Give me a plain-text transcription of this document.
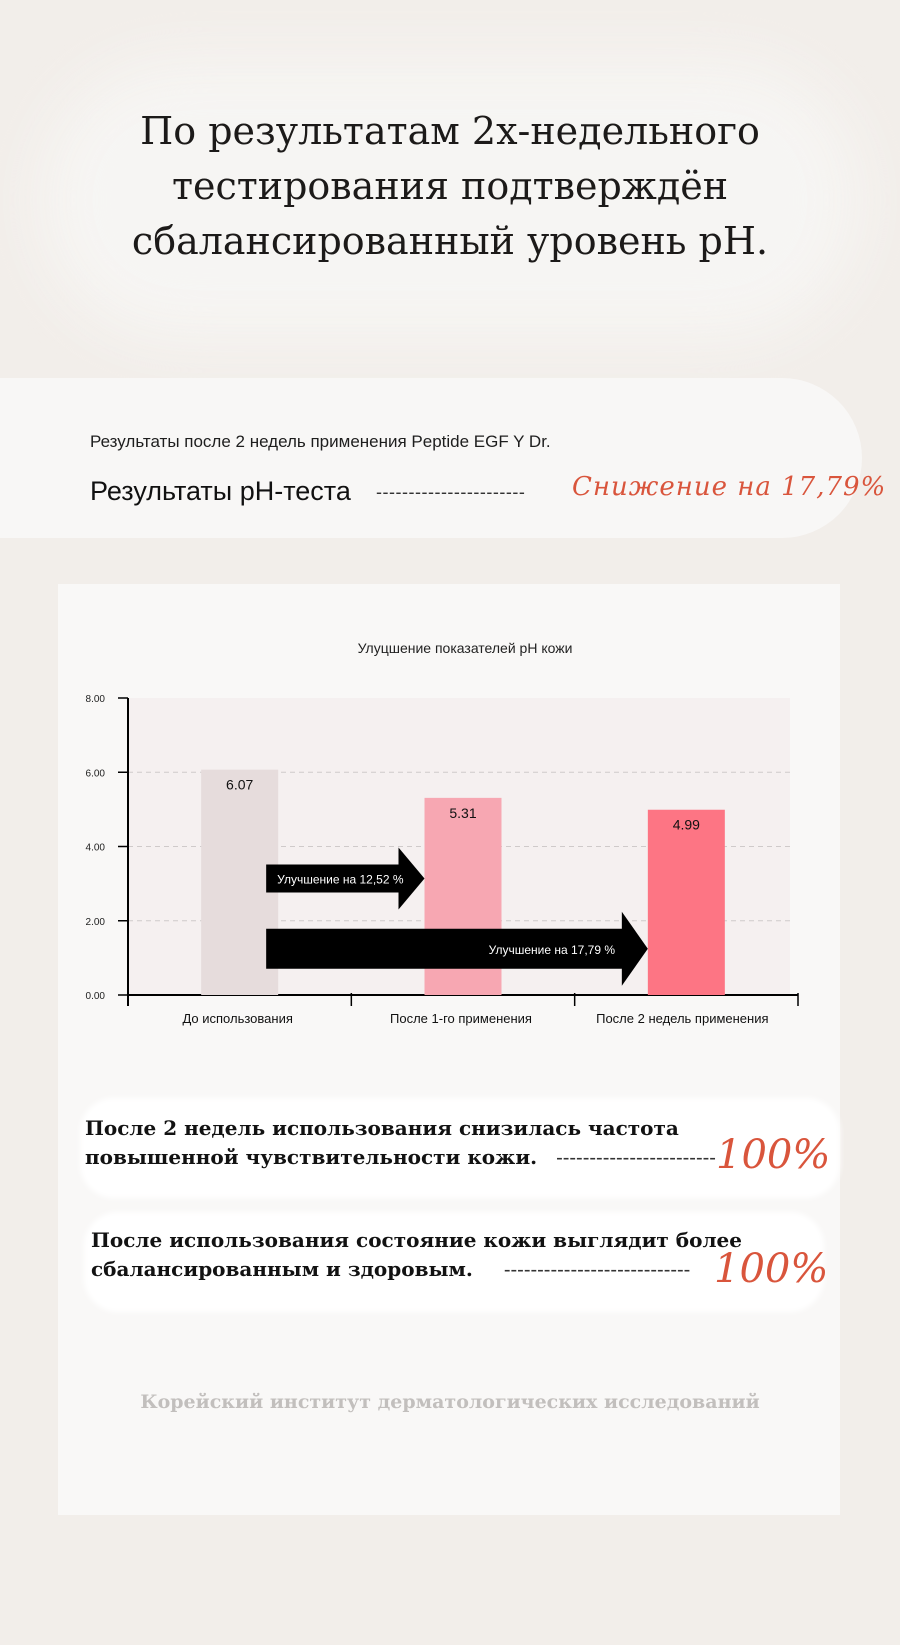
По результатам 2х-недельного
тестирования подтверждён
сбалансированный уровень pH.
Результаты после 2 недель применения Peptide EGF Y Dr.
Результаты pH-теста ----------------------- Снижение на 17,79%
Улуцшение показателей pH кожи
0.00
2.00
4.00
6.00
8.00
6.07
5.31
4.99
До использования	После 1-го применения	После 2 недель применения
Улучшение на 12,52 %
Улучшение на 17,79 %

После 2 недель использования снизилась частота
повышенной чувствительности кожи. ------------------------ 100%

После использования состояние кожи выглядит более
сбалансированным и здоровым. ---------------------------- 100%
Корейский институт дерматологических исследований
